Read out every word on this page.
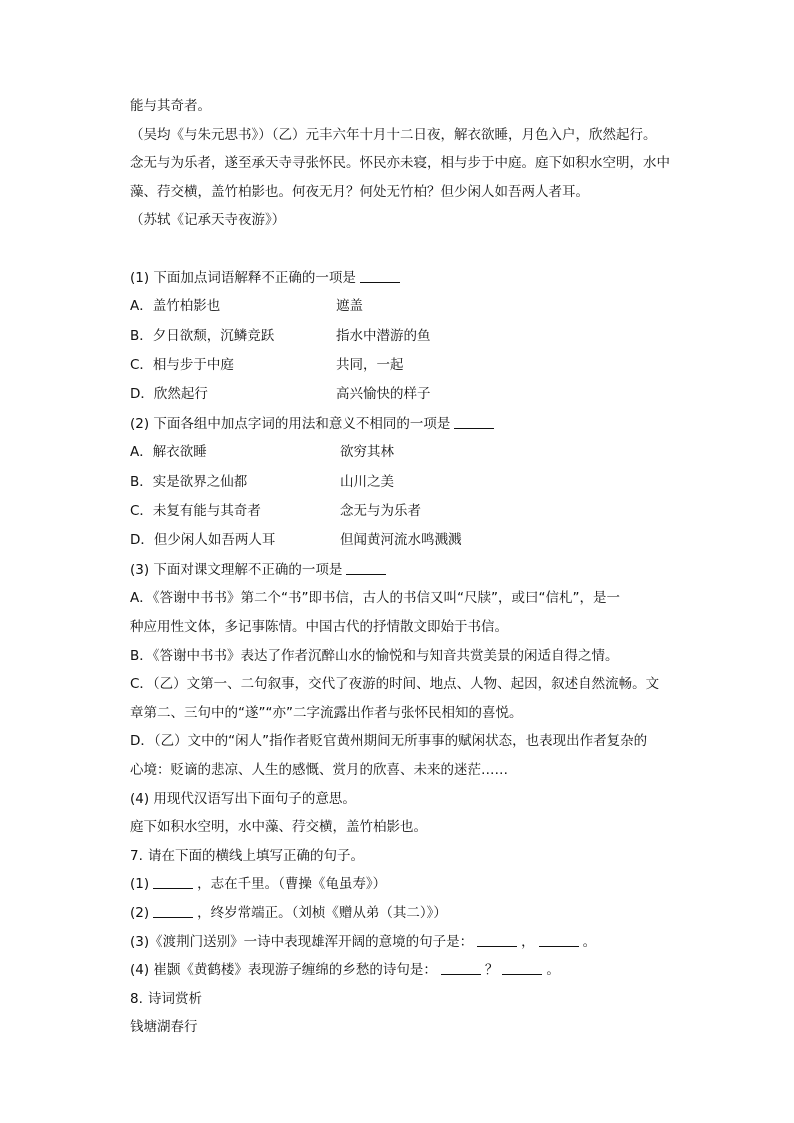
能与其奇者。
（吴均《与朱元思书》）（乙）元丰六年十月十二日夜，解衣欲睡，月色入户，欣然起行。
念无与为乐者，遂至承天寺寻张怀民。怀民亦未寝，相与步于中庭。庭下如积水空明，水中
藻、荇交横，盖竹柏影也。何夜无月？何处无竹柏？但少闲人如吾两人者耳。
（苏轼《记承天寺夜游》）
(1) 下面加点词语解释不正确的一项是
A．盖竹柏影也	遮盖
B．夕日欲颓，沉鳞竞跃	指水中潜游的鱼
C．相与步于中庭	共同，一起
D．欣然起行	高兴愉快的样子
(2) 下面各组中加点字词的用法和意义不相同的一项是
A．解衣欲睡	欲穷其林
B．实是欲界之仙都	山川之美
C．未复有能与其奇者	念无与为乐者
D．但少闲人如吾两人耳	但闻黄河流水鸣溅溅
(3) 下面对课文理解不正确的一项是
A．《答谢中书书》第二个“书”即书信，古人的书信又叫“尺牍”，或曰“信札”，是一
种应用性文体，多记事陈情。中国古代的抒情散文即始于书信。
B．《答谢中书书》表达了作者沉醉山水的愉悦和与知音共赏美景的闲适自得之情。
C．（乙）文第一、二句叙事，交代了夜游的时间、地点、人物、起因，叙述自然流畅。文
章第二、三句中的“遂”“亦”二字流露出作者与张怀民相知的喜悦。
D．（乙）文中的“闲人”指作者贬官黄州期间无所事事的赋闲状态，也表现出作者复杂的
心境：贬谪的悲凉、人生的感慨、赏月的欣喜、未来的迷茫……
(4) 用现代汉语写出下面句子的意思。
庭下如积水空明，水中藻、荇交横，盖竹柏影也。
7. 请在下面的横线上填写正确的句子。
(1)	，志在千里。（曹操《龟虽寿》）
(2)	，终岁常端正。（刘桢《赠从弟（其二）》）
(3)《渡荆门送别》一诗中表现雄浑开阔的意境的句子是：	，	。
(4) 崔颢《黄鹤楼》表现游子缠绵的乡愁的诗句是：	？	。
8. 诗词赏析
钱塘湖春行
